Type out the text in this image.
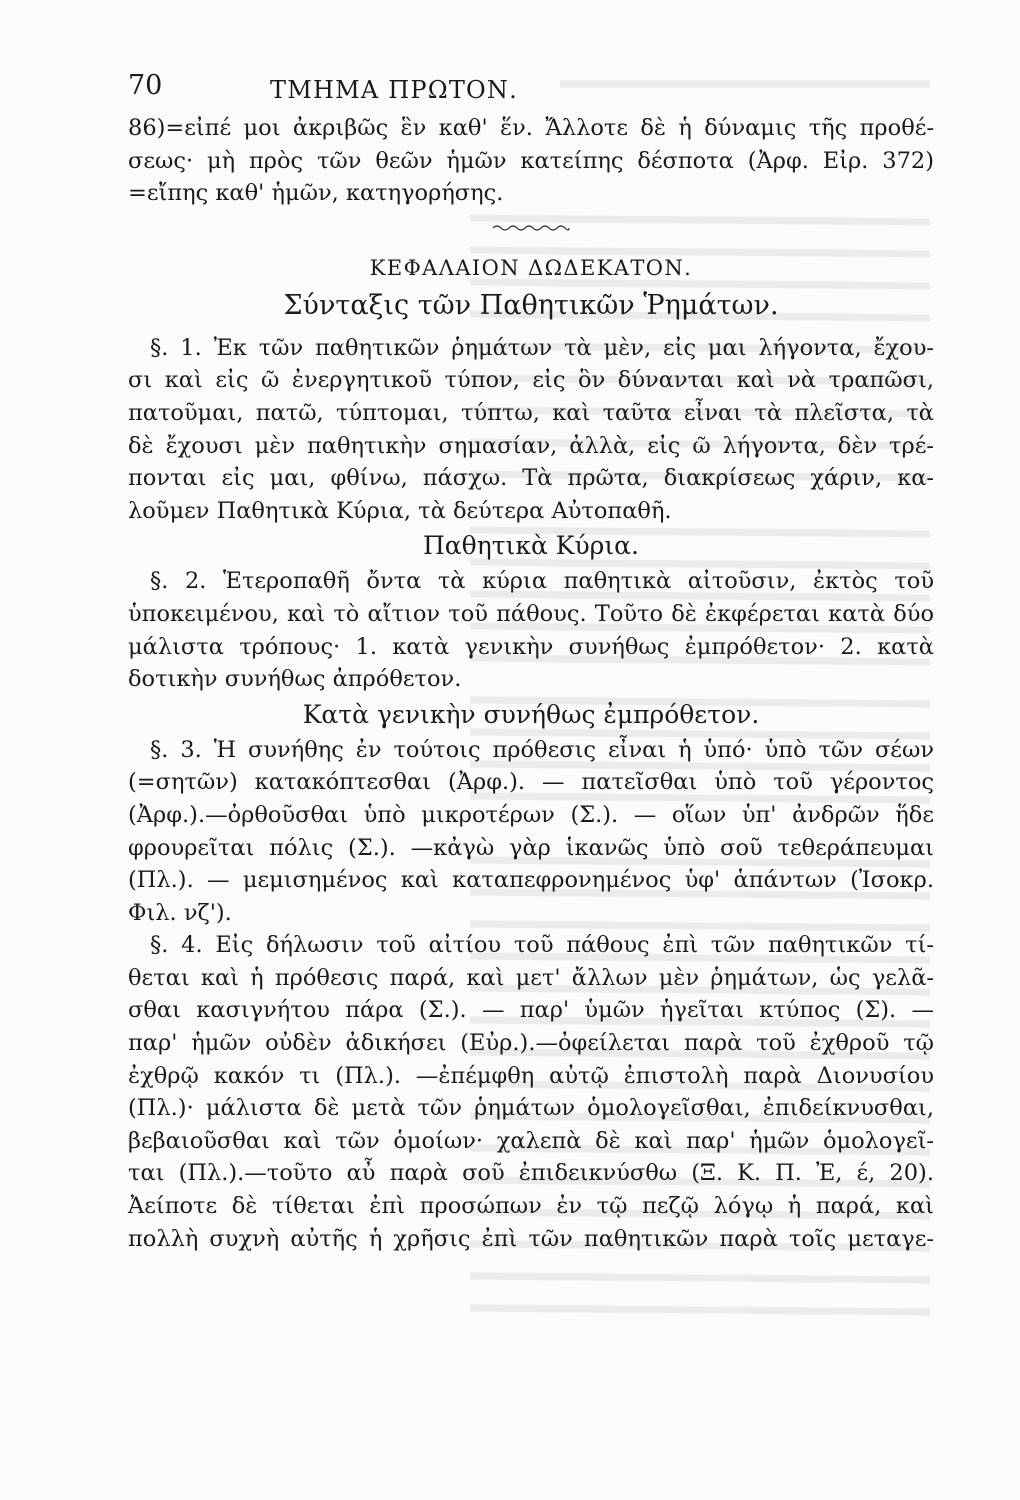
70	ΤΜΗΜΑ ΠΡΩΤΟΝ.
86)=εἰπέ μοι ἀκριβῶς ἓν καθ' ἕν. Ἄλλοτε δὲ ἡ δύναμις τῆς προθέ-
σεως· μὴ πρὸς τῶν θεῶν ἡμῶν κατείπης δέσποτα (Ἀρφ. Εἰρ. 372)
=εἴπης καθ' ἡμῶν, κατηγορήσης.
ΚΕΦΑΛΑΙΟΝ ΔΩΔΕΚΑΤΟΝ.
Σύνταξις τῶν Παθητικῶν Ῥημάτων.
§. 1. Ἐκ τῶν παθητικῶν ῥημάτων τὰ μὲν, εἰς μαι λήγοντα, ἔχου-
σι καὶ εἰς ῶ ἐνεργητικοῦ τύπον, εἰς ὃν δύνανται καὶ νὰ τραπῶσι,
πατοῦμαι, πατῶ, τύπτομαι, τύπτω, καὶ ταῦτα εἶναι τὰ πλεῖστα, τὰ
δὲ ἔχουσι μὲν παθητικὴν σημασίαν, ἀλλὰ, εἰς ῶ λήγοντα, δὲν τρέ-
πονται εἰς μαι, φθίνω, πάσχω. Τὰ πρῶτα, διακρίσεως χάριν, κα-
λοῦμεν Παθητικὰ Κύρια, τὰ δεύτερα Αὐτοπαθῆ.
Παθητικὰ Κύρια.
§. 2. Ἑτεροπαθῆ ὄντα τὰ κύρια παθητικὰ αἰτοῦσιν, ἐκτὸς τοῦ
ὑποκειμένου, καὶ τὸ αἴτιον τοῦ πάθους. Τοῦτο δὲ ἐκφέρεται κατὰ δύο
μάλιστα τρόπους· 1. κατὰ γενικὴν συνήθως ἐμπρόθετον· 2. κατὰ
δοτικὴν συνήθως ἀπρόθετον.
Κατὰ γενικὴν συνήθως ἐμπρόθετον.
§. 3. Ἡ συνήθης ἐν τούτοις πρόθεσις εἶναι ἡ ὑπό· ὑπὸ τῶν σέων
(=σητῶν) κατακόπτεσθαι (Ἀρφ.). — πατεῖσθαι ὑπὸ τοῦ γέροντος
(Ἀρφ.).—ὀρθοῦσθαι ὑπὸ μικροτέρων (Σ.). — οἵων ὑπ' ἀνδρῶν ἥδε
φρουρεῖται πόλις (Σ.). —κἀγὼ γὰρ ἱκανῶς ὑπὸ σοῦ τεθεράπευμαι
(Πλ.). — μεμισημένος καὶ καταπεφρονημένος ὑφ' ἁπάντων (Ἰσοκρ.
Φιλ. νζ').
§. 4. Εἰς δήλωσιν τοῦ αἰτίου τοῦ πάθους ἐπὶ τῶν παθητικῶν τί-
θεται καὶ ἡ πρόθεσις παρά, καὶ μετ' ἄλλων μὲν ῥημάτων, ὡς γελᾶ-
σθαι κασιγνήτου πάρα (Σ.). — παρ' ὑμῶν ἡγεῖται κτύπος (Σ). —
παρ' ἡμῶν οὐδὲν ἀδικήσει (Εὐρ.).—ὀφείλεται παρὰ τοῦ ἐχθροῦ τῷ
ἐχθρῷ κακόν τι (Πλ.). —ἐπέμφθη αὐτῷ ἐπιστολὴ παρὰ Διονυσίου
(Πλ.)· μάλιστα δὲ μετὰ τῶν ῥημάτων ὁμολογεῖσθαι, ἐπιδείκνυσθαι,
βεβαιοῦσθαι καὶ τῶν ὁμοίων· χαλεπὰ δὲ καὶ παρ' ἡμῶν ὁμολογεῖ-
ται (Πλ.).—τοῦτο αὖ παρὰ σοῦ ἐπιδεικνύσθω (Ξ. Κ. Π. Ἐ, έ, 20).
Ἀείποτε δὲ τίθεται ἐπὶ προσώπων ἐν τῷ πεζῷ λόγῳ ἡ παρά, καὶ
πολλὴ συχνὴ αὐτῆς ἡ χρῆσις ἐπὶ τῶν παθητικῶν παρὰ τοῖς μεταγε-
